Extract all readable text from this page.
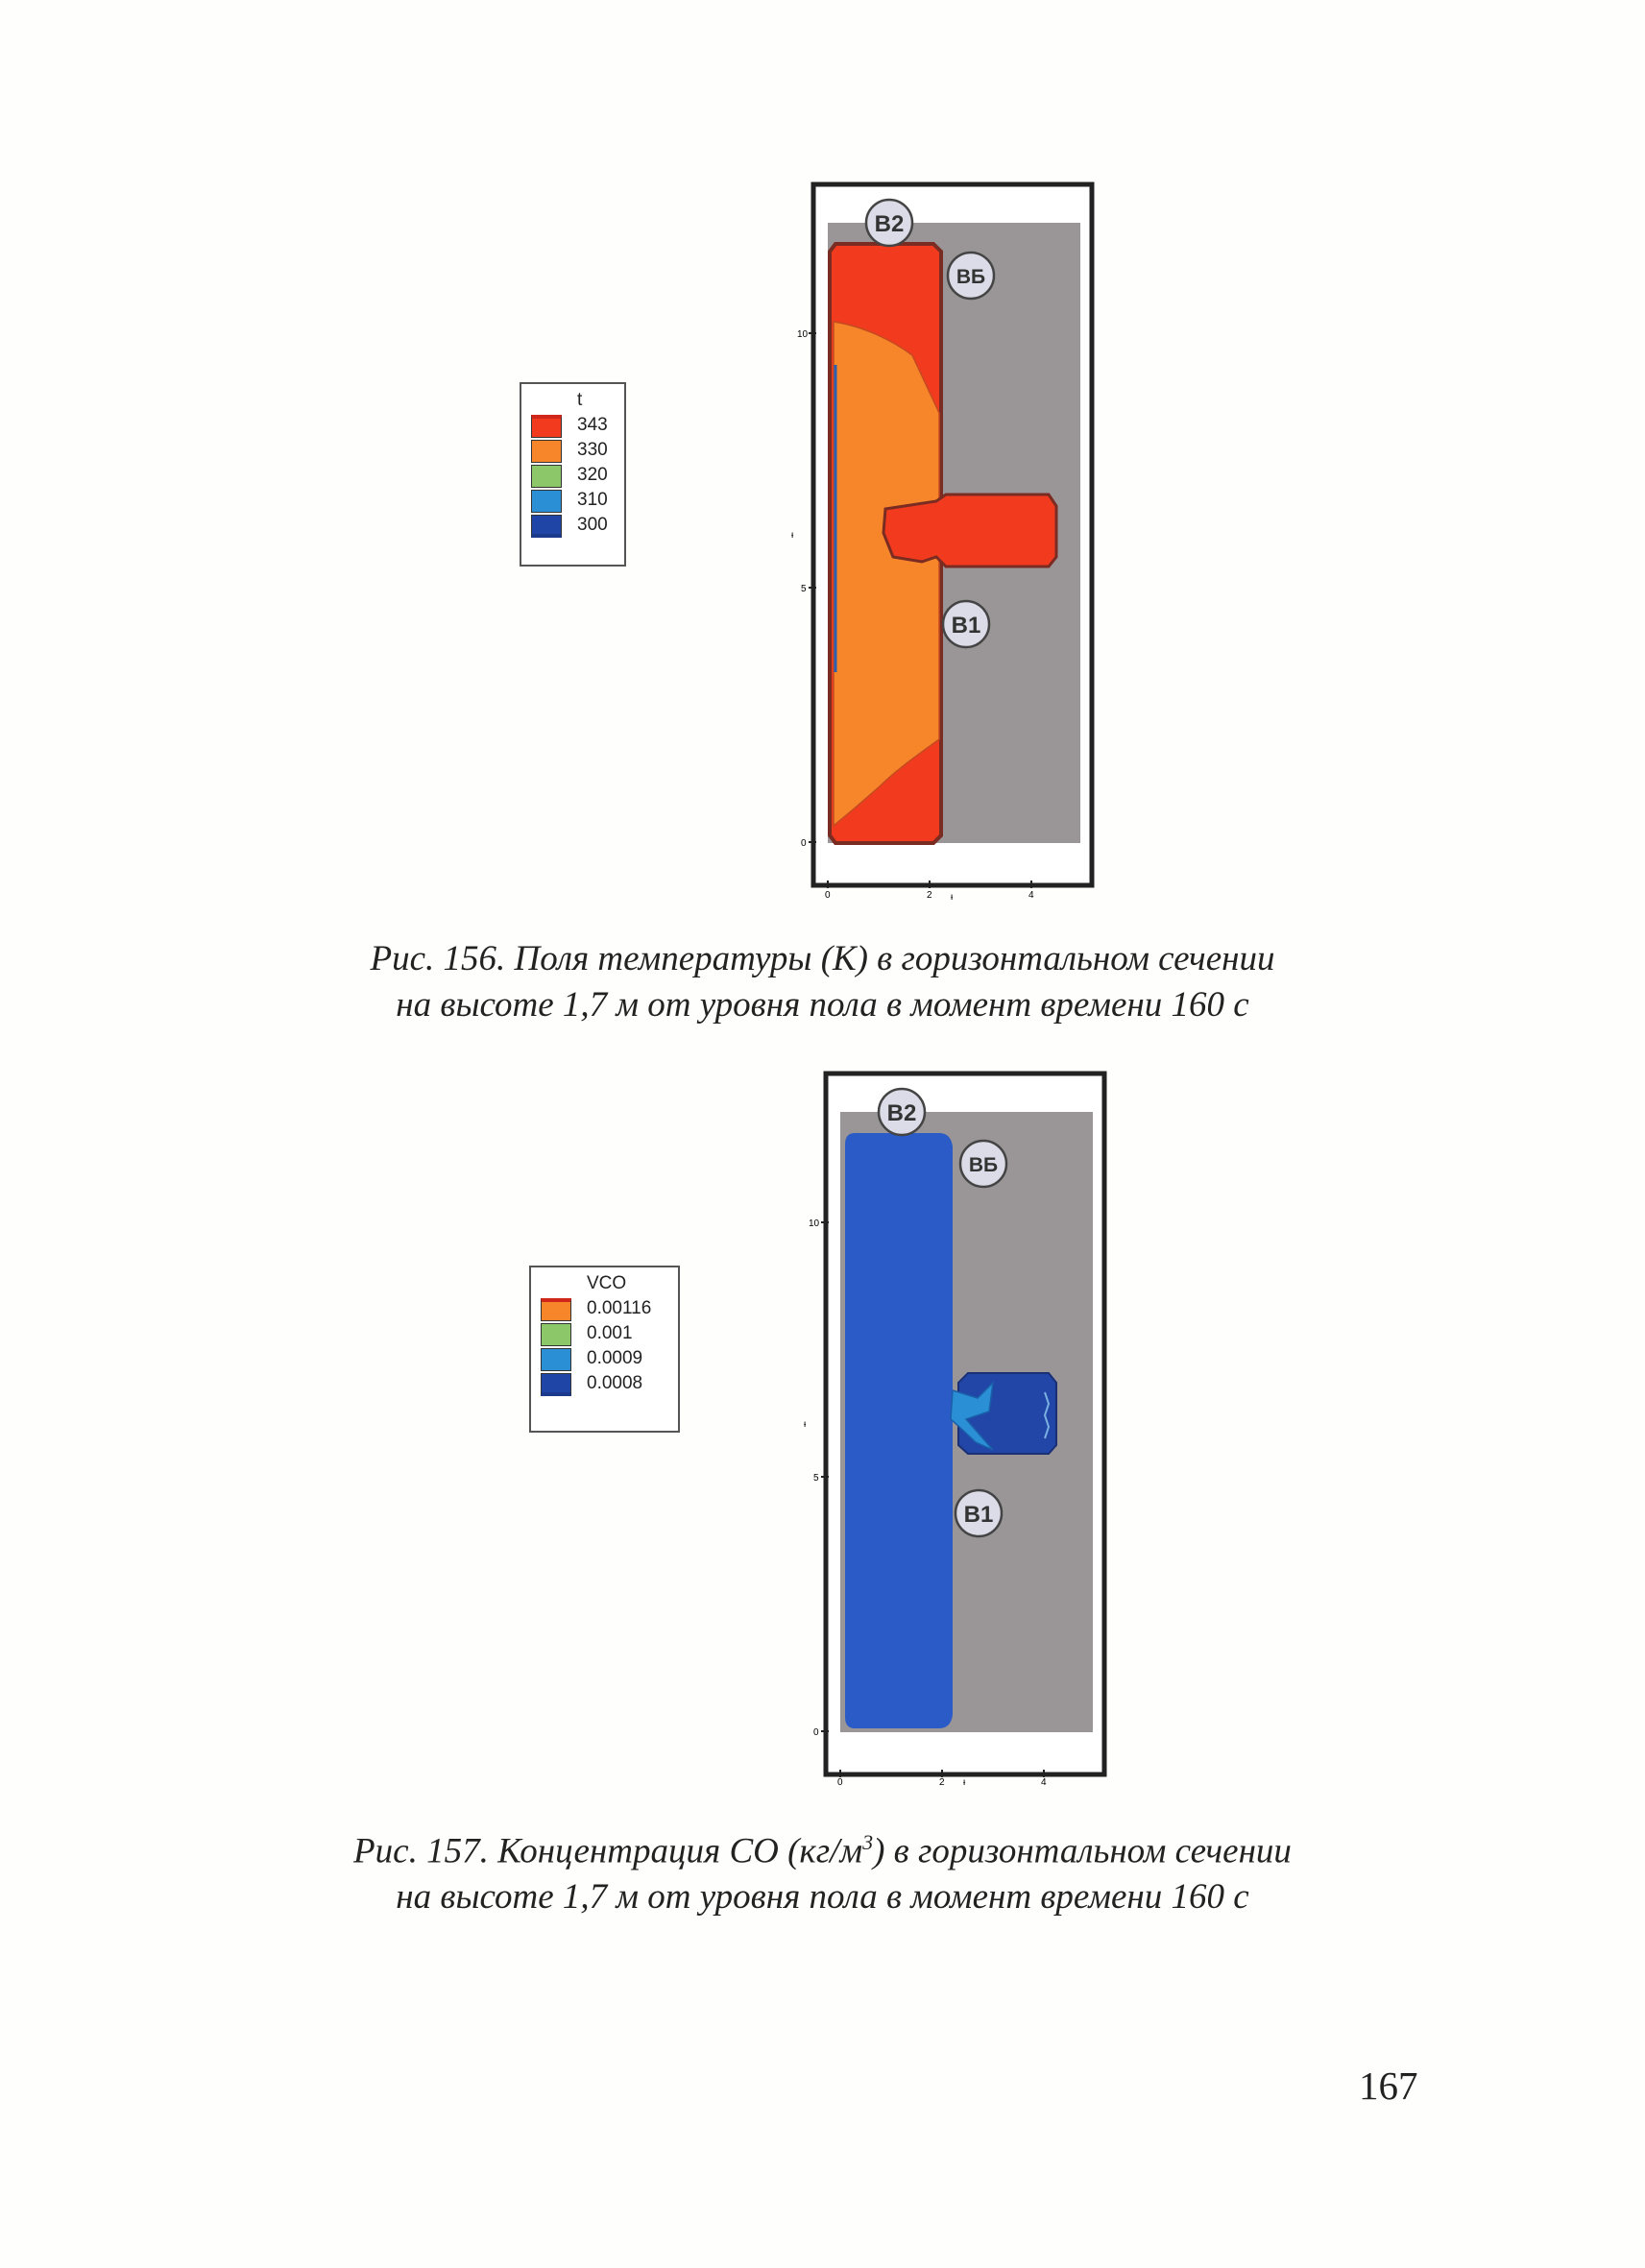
t
343
330
320
310
300
0
5
10
0	2	4
ᵻ
ᵻ
В2
ВБ
В1
Рис. 156. Поля температуры (К) в горизонтальном сечении
на высоте 1,7 м от уровня пола в момент времени 160 с
VCO
0.00116
0.001
0.0009
0.0008
0
5
10
0	2	4
ᵻ
ᵻ
В2
ВБ
В1
Рис. 157. Концентрация СО $(кг/м^3)$ в горизонтальном сечении
на высоте 1,7 м от уровня пола в момент времени 160 с
167
